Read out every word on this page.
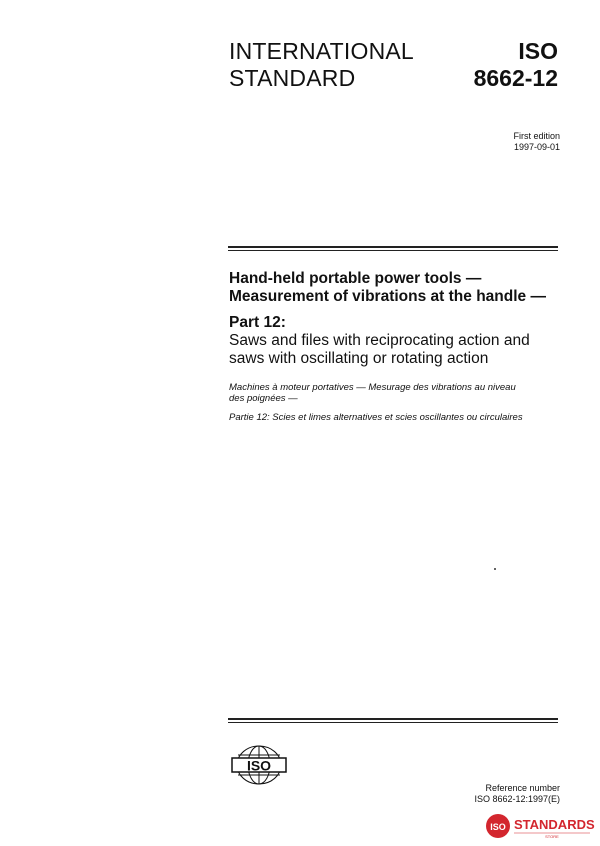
INTERNATIONAL
STANDARD
ISO
8662-12
First edition
1997-09-01
Hand-held portable power tools —
Measurement of vibrations at the handle —
Part 12:
Saws and files with reciprocating action and
saws with oscillating or rotating action
Machines à moteur portatives — Mesurage des vibrations au niveau
des poignées —
Partie 12: Scies et limes alternatives et scies oscillantes ou circulaires
ISO
Reference number
ISO 8662-12:1997(E)
ISO STANDARDS
STORE
